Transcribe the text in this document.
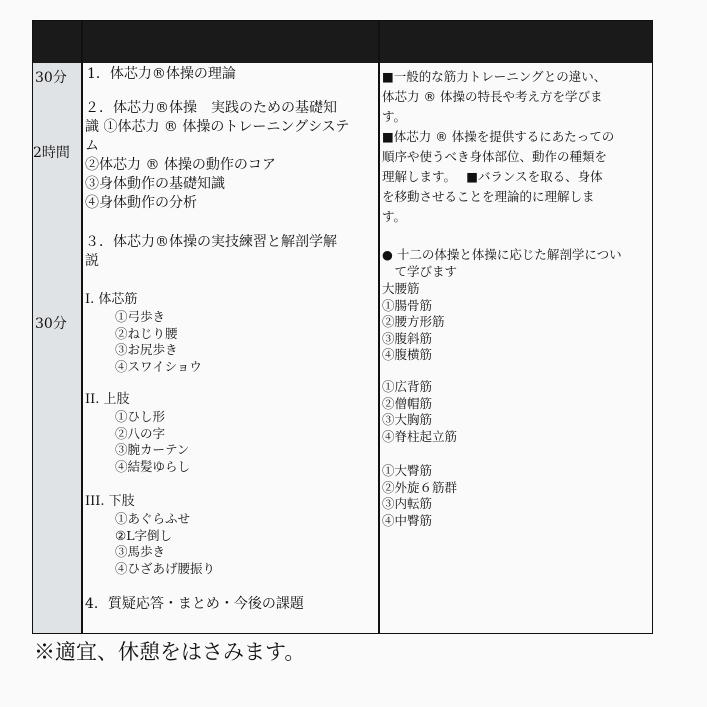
30分
2時間
30分
1．体芯力®体操の理論
２．体芯力®体操　実践のための基礎知
識 ①体芯力 ® 体操のトレーニングシステ
ム
②体芯力 ® 体操の動作のコア
③身体動作の基礎知識
④身体動作の分析
３．体芯力®体操の実技練習と解剖学解
説
I. 体芯筋
①弓歩き
②ねじり腰
③お尻歩き
④スワイショウ
II. 上肢
①ひし形
②八の字
③腕カーテン
④結髪ゆらし
III. 下肢
①あぐらふせ
②L字倒し
③馬歩き
④ひざあげ腰振り
4．質疑応答・まとめ・今後の課題
■一般的な筋力トレーニングとの違い、
体芯力 ® 体操の特長や考え方を学びま
す。
■体芯力 ® 体操を提供するにあたっての
順序や使うべき身体部位、動作の種類を
理解します。　 ■バランスを取る、身体
を移動させることを理論的に理解しま
す。
● 十二の体操と体操に応じた解剖学につい
　て学びます
大腰筋
①腸骨筋
②腰方形筋
③腹斜筋
④腹横筋
①広背筋
②僧帽筋
③大胸筋
④脊柱起立筋
①大臀筋
②外旋６筋群
③内転筋
④中臀筋
※適宜、休憩をはさみます。
